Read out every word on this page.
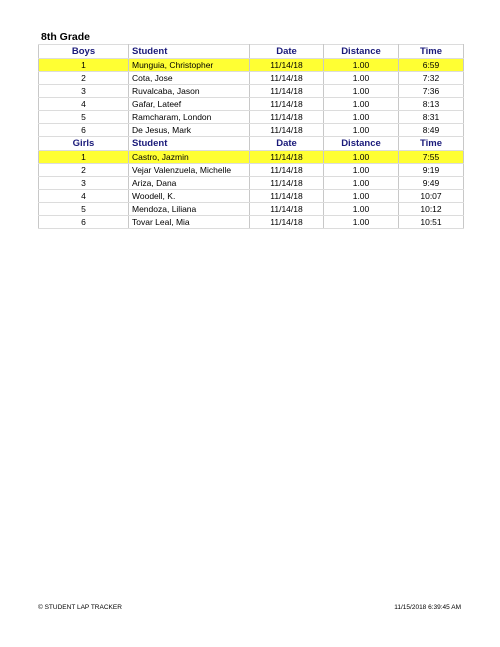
8th Grade
Boys	Student	Date	Distance	Time
1	Munguia, Christopher	11/14/18	1.00	6:59
2	Cota, Jose	11/14/18	1.00	7:32
3	Ruvalcaba, Jason	11/14/18	1.00	7:36
4	Gafar, Lateef	11/14/18	1.00	8:13
5	Ramcharam, London	11/14/18	1.00	8:31
6	De Jesus, Mark	11/14/18	1.00	8:49
Girls	Student	Date	Distance	Time
1	Castro, Jazmin	11/14/18	1.00	7:55
2	Vejar Valenzuela, Michelle	11/14/18	1.00	9:19
3	Ariza, Dana	11/14/18	1.00	9:49
4	Woodell, K.	11/14/18	1.00	10:07
5	Mendoza, Liliana	11/14/18	1.00	10:12
6	Tovar Leal, Mia	11/14/18	1.00	10:51
© STUDENT LAP TRACKER	11/15/2018 6:39:45 AM
